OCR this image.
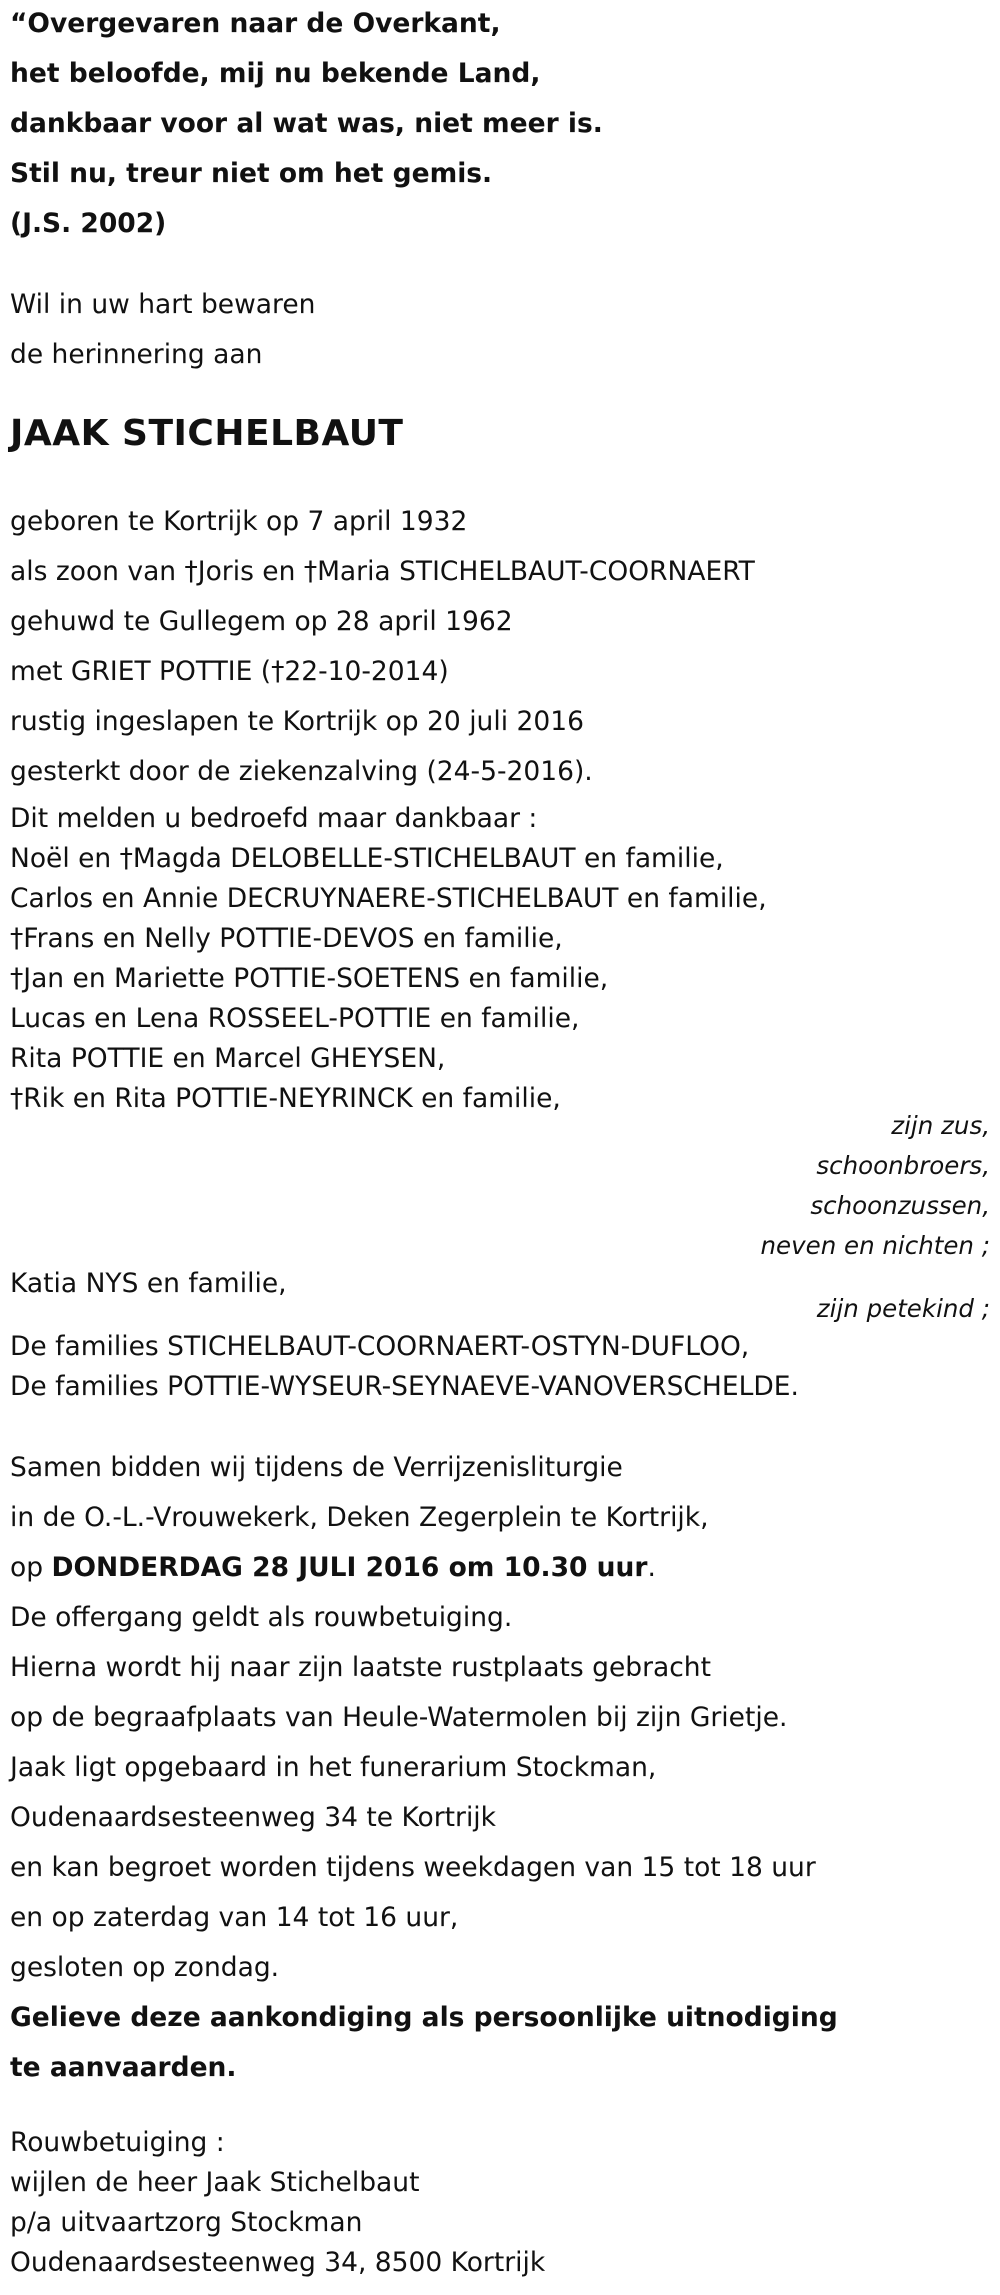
“Overgevaren naar de Overkant,

het beloofde, mij nu bekende Land,

dankbaar voor al wat was, niet meer is.

Stil nu, treur niet om het gemis.

(J.S. 2002)

Wil in uw hart bewaren

de herinnering aan

JAAK STICHELBAUT

geboren te Kortrijk op 7 april 1932

als zoon van †Joris en †Maria STICHELBAUT-COORNAERT

gehuwd te Gullegem op 28 april 1962

met GRIET POTTIE (†22-10-2014)

rustig ingeslapen te Kortrijk op 20 juli 2016

gesterkt door de ziekenzalving (24-5-2016).

Dit melden u bedroefd maar dankbaar :

Noël en †Magda DELOBELLE-STICHELBAUT en familie,

Carlos en Annie DECRUYNAERE-STICHELBAUT en familie,

†Frans en Nelly POTTIE-DEVOS en familie,

†Jan en Mariette POTTIE-SOETENS en familie,

Lucas en Lena ROSSEEL-POTTIE en familie,

Rita POTTIE en Marcel GHEYSEN,

†Rik en Rita POTTIE-NEYRINCK en familie,

zijn zus,

schoonbroers,

schoonzussen,

neven en nichten ;

Katia NYS en familie,

zijn petekind ;

De families STICHELBAUT-COORNAERT-OSTYN-DUFLOO,

De families POTTIE-WYSEUR-SEYNAEVE-VANOVERSCHELDE.

Samen bidden wij tijdens de Verrijzenisliturgie

in de O.-L.-Vrouwekerk, Deken Zegerplein te Kortrijk,

op DONDERDAG 28 JULI 2016 om 10.30 uur.

De offergang geldt als rouwbetuiging.

Hierna wordt hij naar zijn laatste rustplaats gebracht

op de begraafplaats van Heule-Watermolen bij zijn Grietje.

Jaak ligt opgebaard in het funerarium Stockman,

Oudenaardsesteenweg 34 te Kortrijk

en kan begroet worden tijdens weekdagen van 15 tot 18 uur

en op zaterdag van 14 tot 16 uur,

gesloten op zondag.

Gelieve deze aankondiging als persoonlijke uitnodiging

te aanvaarden.

Rouwbetuiging :

wijlen de heer Jaak Stichelbaut

p/a uitvaartzorg Stockman

Oudenaardsesteenweg 34, 8500 Kortrijk
